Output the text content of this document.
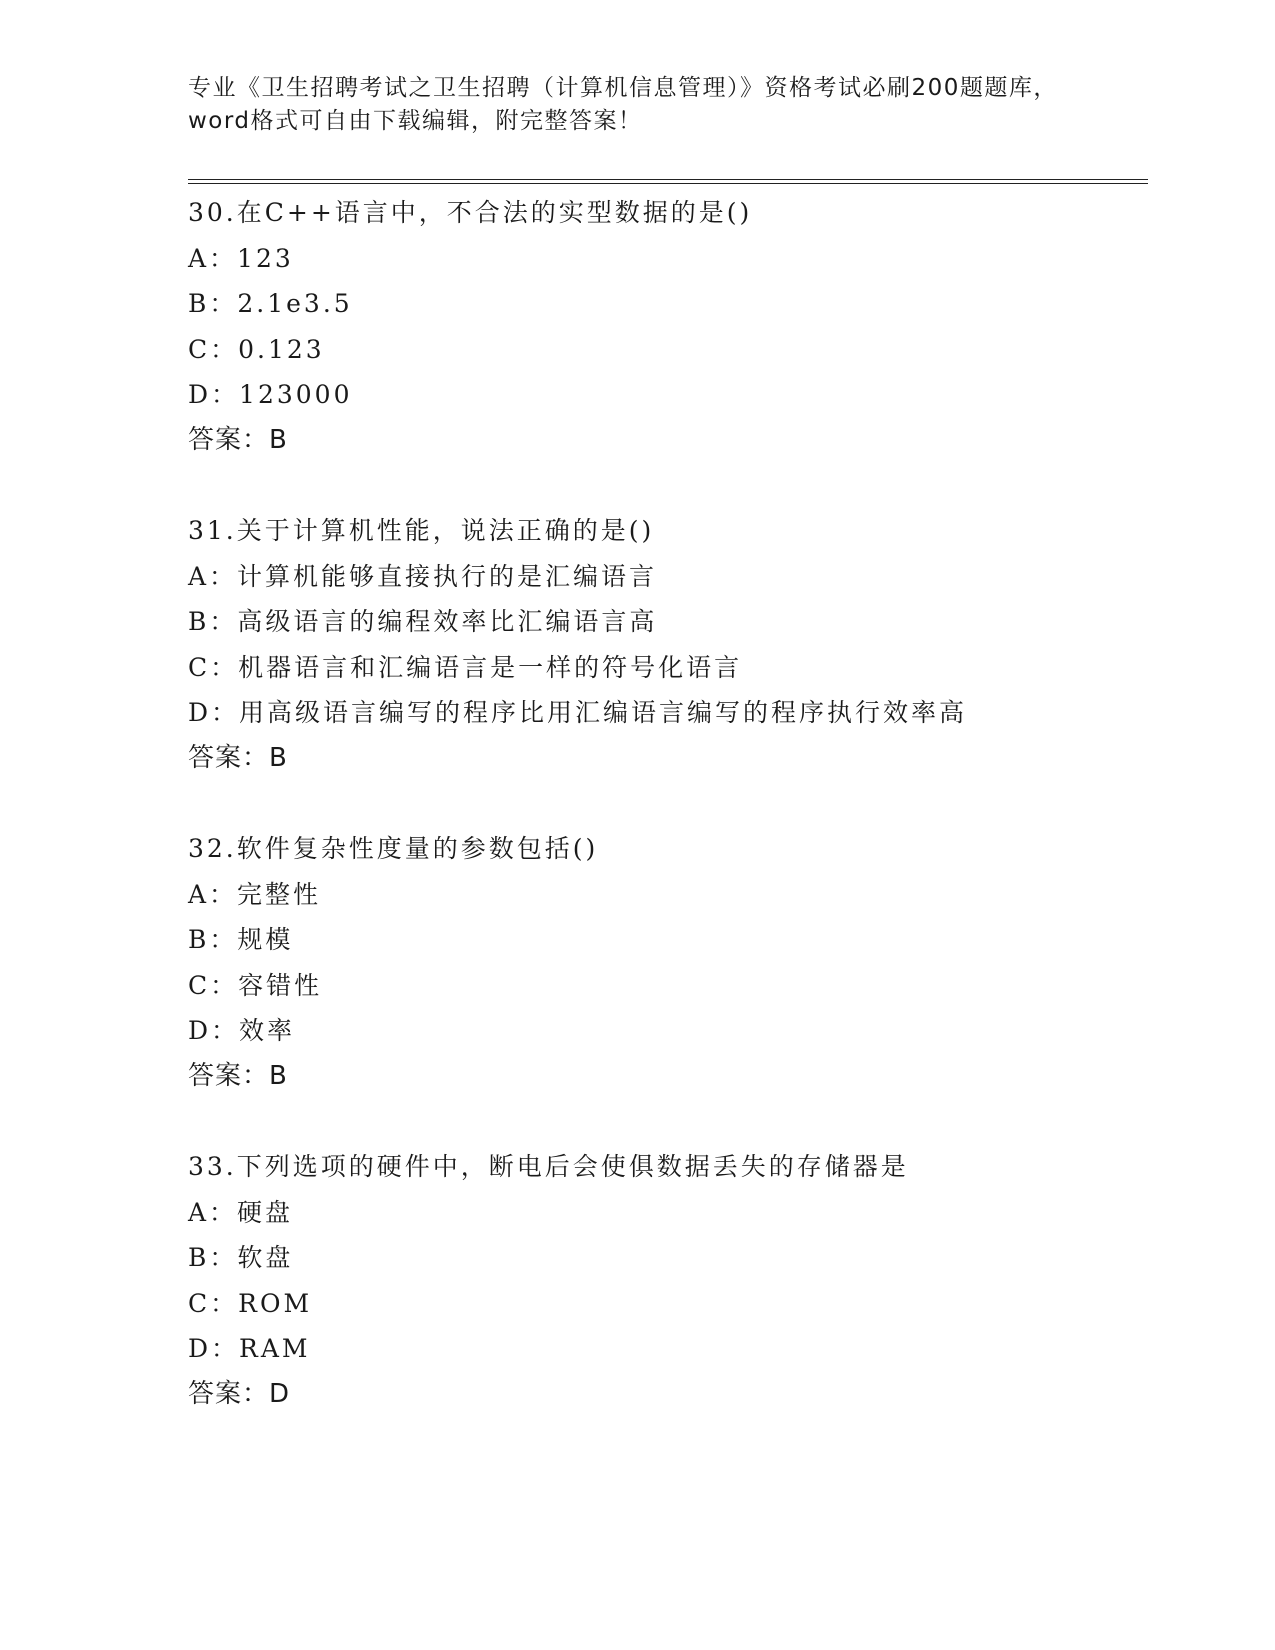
专业《卫生招聘考试之卫生招聘（计算机信息管理）》资格考试必刷200题题库，

word格式可自由下载编辑，附完整答案！

30.在C++语言中，不合法的实型数据的是()
A：123
B：2.1e3.5
C：0.123
D：123000
答案：B
31.关于计算机性能，说法正确的是()
A：计算机能够直接执行的是汇编语言
B：高级语言的编程效率比汇编语言高
C：机器语言和汇编语言是一样的符号化语言
D：用高级语言编写的程序比用汇编语言编写的程序执行效率高
答案：B
32.软件复杂性度量的参数包括()
A：完整性
B：规模
C：容错性
D：效率
答案：B
33.下列选项的硬件中，断电后会使俱数据丢失的存储器是
A：硬盘
B：软盘
C：ROM
D：RAM
答案：D
